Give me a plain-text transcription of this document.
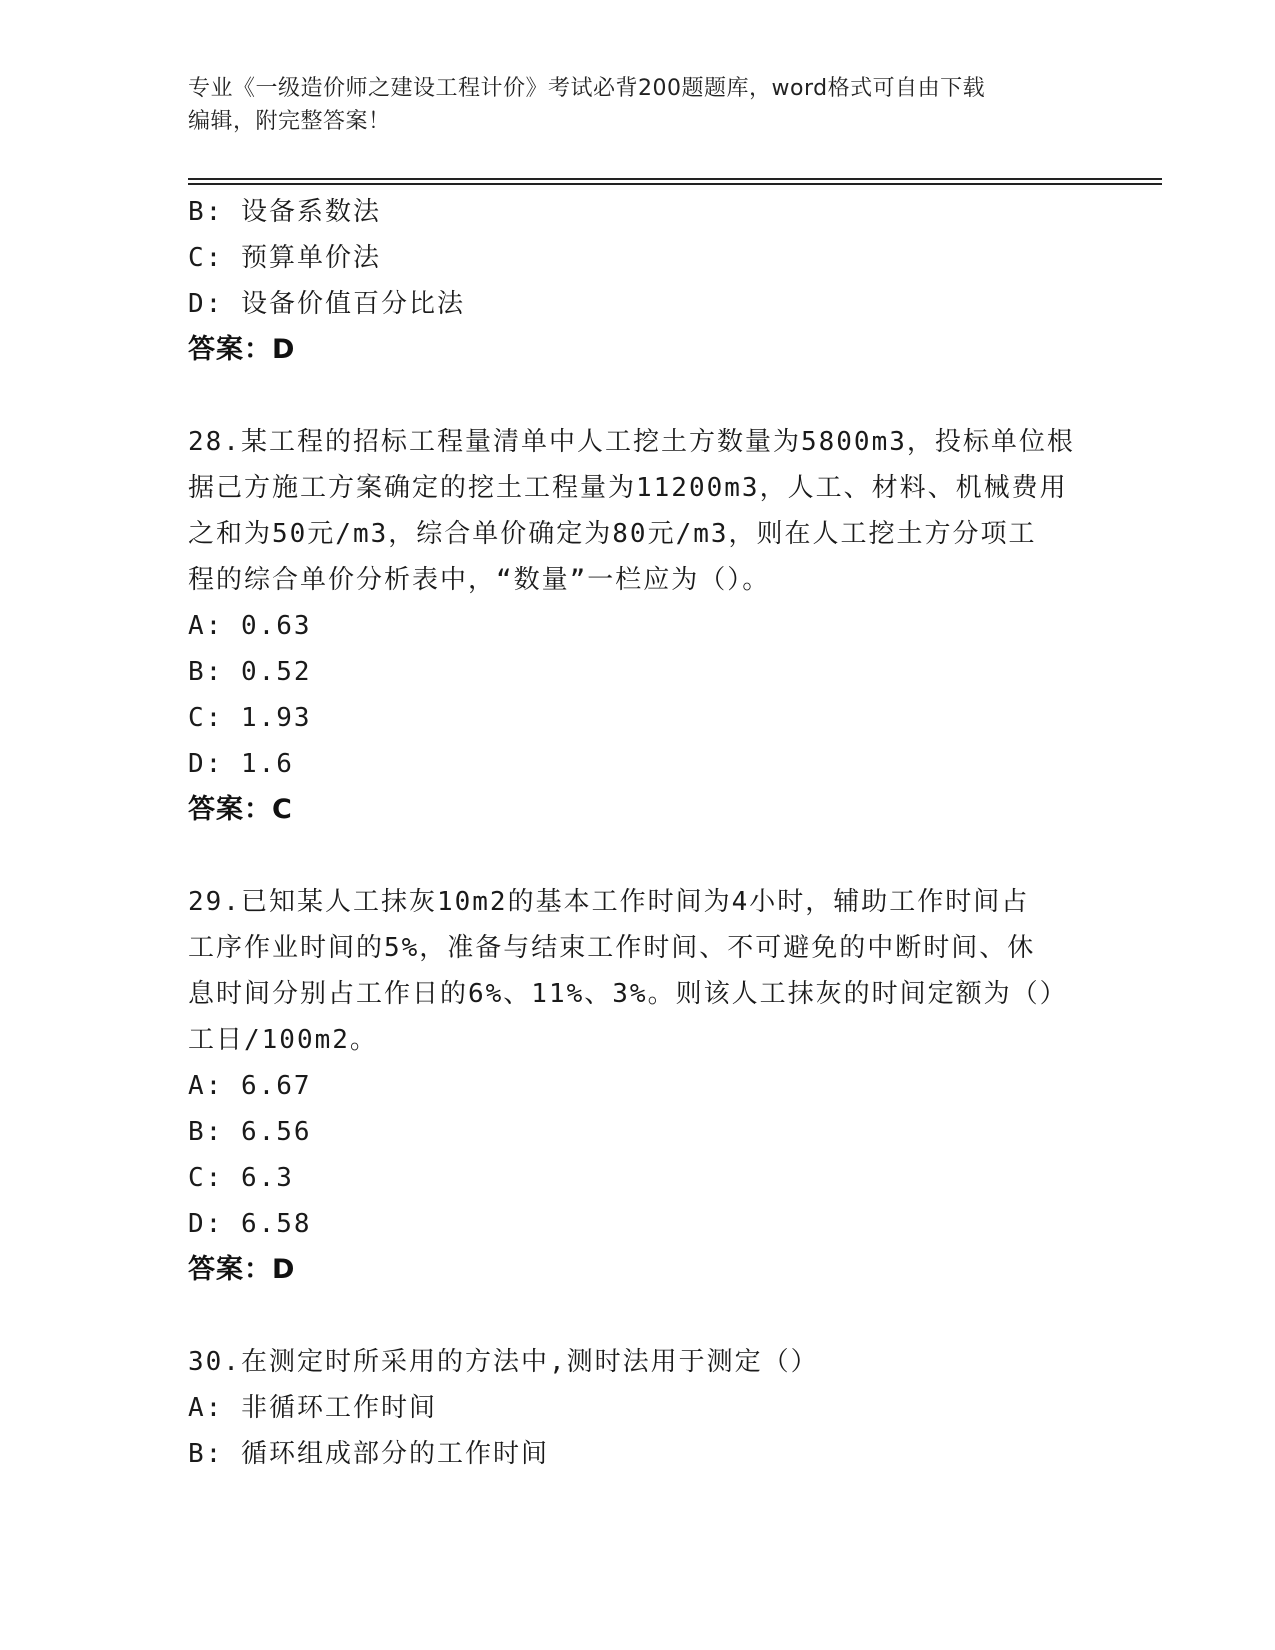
专业《一级造价师之建设工程计价》考试必背200题题库，word格式可自由下载
编辑，附完整答案！
B: 设备系数法
C: 预算单价法
D: 设备价值百分比法
答案：D
28.某工程的招标工程量清单中人工挖土方数量为5800m3，投标单位根
据己方施工方案确定的挖土工程量为11200m3，人工、材料、机械费用
之和为50元/m3，综合单价确定为80元/m3，则在人工挖土方分项工
程的综合单价分析表中，“数量”一栏应为（）。
A: 0.63
B: 0.52
C: 1.93
D: 1.6
答案：C
29.已知某人工抹灰10m2的基本工作时间为4小时，辅助工作时间占
工序作业时间的5%，准备与结束工作时间、不可避免的中断时间、休
息时间分别占工作日的6%、11%、3%。则该人工抹灰的时间定额为（）
工日/100m2。
A: 6.67
B: 6.56
C: 6.3
D: 6.58
答案：D
30.在测定时所采用的方法中,测时法用于测定（）
A: 非循环工作时间
B: 循环组成部分的工作时间
